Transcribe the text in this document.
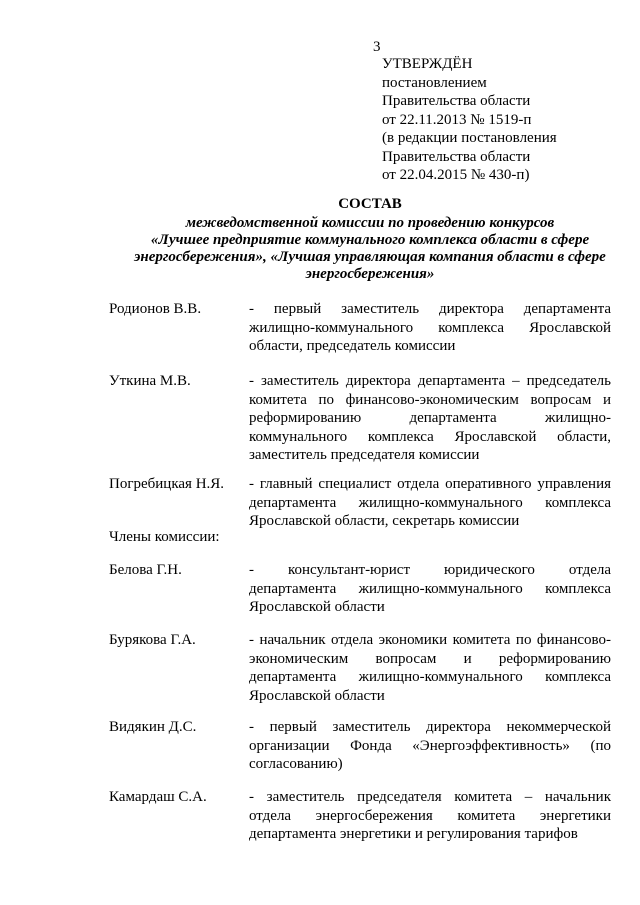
3
УТВЕРЖДЁН
постановлением
Правительства области
от 22.11.2013 № 1519-п
(в редакции постановления
Правительства области
от 22.04.2015 № 430-п)
СОСТАВ
межведомственной комиссии по проведению конкурсов
«Лучшее предприятие коммунального комплекса области в сфере
энергосбережения», «Лучшая управляющая компания области в сфере
энергосбережения»
Родионов В.В.	- первый заместитель директора департамента жилищно-коммунального комплекса Ярославской области, председатель комиссии
Уткина М.В.	- заместитель директора департамента – председатель комитета по финансово-экономическим вопросам и реформированию департамента жилищно-коммунального комплекса Ярославской области, заместитель председателя комиссии
Погребицкая Н.Я. - главный специалист отдела оперативного управления департамента жилищно-коммунального комплекса Ярославской области, секретарь комиссии
Члены комиссии:
Белова Г.Н.	- консультант-юрист юридического отдела департамента жилищно-коммунального комплекса Ярославской области
Бурякова Г.А.	- начальник отдела экономики комитета по финансово-экономическим вопросам и реформированию департамента жилищно-коммунального комплекса Ярославской области
Видякин Д.С.	- первый заместитель директора некоммерческой организации Фонда «Энергоэффективность» (по согласованию)
Камардаш С.А.	- заместитель председателя комитета – начальник отдела энергосбережения комитета энергетики департамента энергетики и регулирования тарифов
